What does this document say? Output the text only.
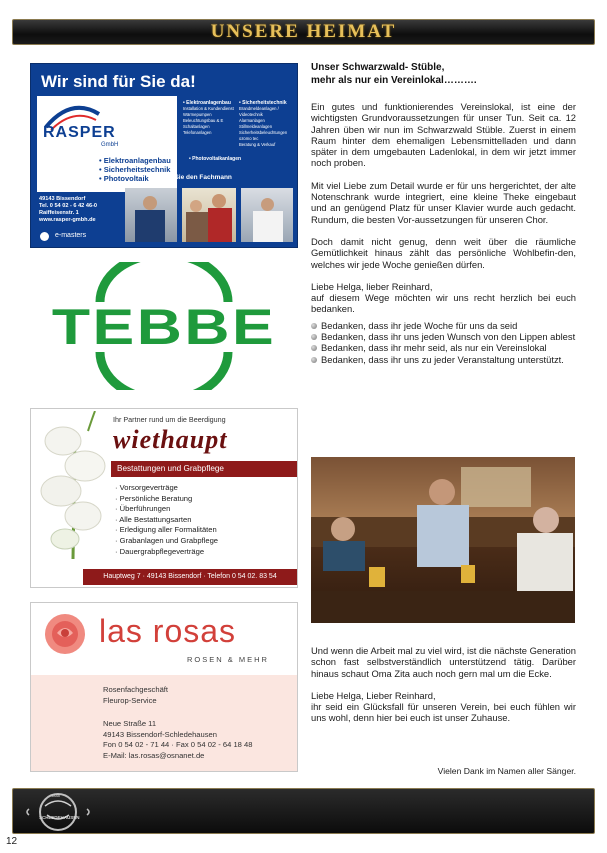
UNSERE HEIMAT
Wir sind für Sie da!
RASPER
GmbH
• Elektroanlagenbau
• Sicherheitstechnik
• Photovoltaik
• Elektroanlagenbau
Installation & Kundendienst
Wärmepumpen
Beleuchtungsbau & E
Schaltanlagen
Telefonanlagen
• Sicherheitstechnik
Brandmeldeanlagen / Videotechnik
Alarmanlagen
Stillmeldeanlagen
Sicherheitsbeleuchtungen
ozomo tec
Beratung & Verkauf
• Photovoltaikanlagen
Fragen Sie den Fachmann
49143 Bissendorf
Tel. 0 54 02 - 6 42 46-0
Raiffeisenstr. 1
www.rasper-gmbh.de
e-masters
TEBBE
Ihr Partner rund um die Beerdigung
wiethaupt
Bestattungen und Grabpflege
· Vorsorgeverträge
· Persönliche Beratung
· Überführungen
· Alle Bestattungsarten
· Erledigung aller Formalitäten
· Grabanlagen und Grabpflege
· Dauergrabpflegeverträge
Hauptweg 7 · 49143 Bissendorf · Telefon 0 54 02. 83 54
las rosas
ROSEN & MEHR
Rosenfachgeschäft
Fleurop-Service
Neue Straße 11
49143 Bissendorf-Schledehausen
Fon 0 54 02 - 71 44 · Fax 0 54 02 - 64 18 48
E-Mail: las.rosas@osnanet.de
Unser Schwarzwald- Stüble,
mehr als nur ein Vereinlokal……….

Ein gutes und funktionierendes Vereinslokal, ist eine der wichtigsten Grundvoraussetzungen für unser Tun. Seit ca. 12 Jahren üben wir nun im Schwarzwald Stüble. Zuerst in einem Raum hinter dem ehemaligen Lebensmittelladen und dann später in dem umgebauten Ladenlokal, in dem wir jetzt immer noch proben.

Mit viel Liebe zum Detail wurde er für uns hergerichtet, der alte Notenschrank wurde integriert, eine kleine Theke eingebaut und an genügend Platz für unser Klavier wurde auch gedacht. Rundum, die besten Vor-aussetzungen für unseren Chor.

Doch damit nicht genug, denn weit über die räumliche Gemütlichkeit hinaus zählt das persönliche Wohlbefin-den, welches wir jede Woche genießen dürfen.

Liebe Helga, lieber Reinhard,
auf diesem Wege möchten wir uns recht herzlich bei euch bedanken.

Bedanken, dass ihr jede Woche für uns da seid
Bedanken, dass ihr uns jeden Wunsch von den Lippen ablest
Bedanken, dass ihr mehr seid, als nur ein Vereinslokal
Bedanken, dass ihr uns zu jeder Veranstaltung unterstützt.

Und wenn die Arbeit mal zu viel wird, ist die nächste Generation schon fast selbstverständlich unterstützend tätig. Darüber hinaus schaut Oma Zita auch noch gern mal um die Ecke.

Liebe Helga, Lieber Reinhard,
ihr seid ein Glücksfall für unseren Verein, bei euch fühlen wir uns wohl, denn hier bei euch ist unser Zuhause.

Vielen Dank im Namen aller Sänger.
SCHLEDEHAUSEN
1888
12
